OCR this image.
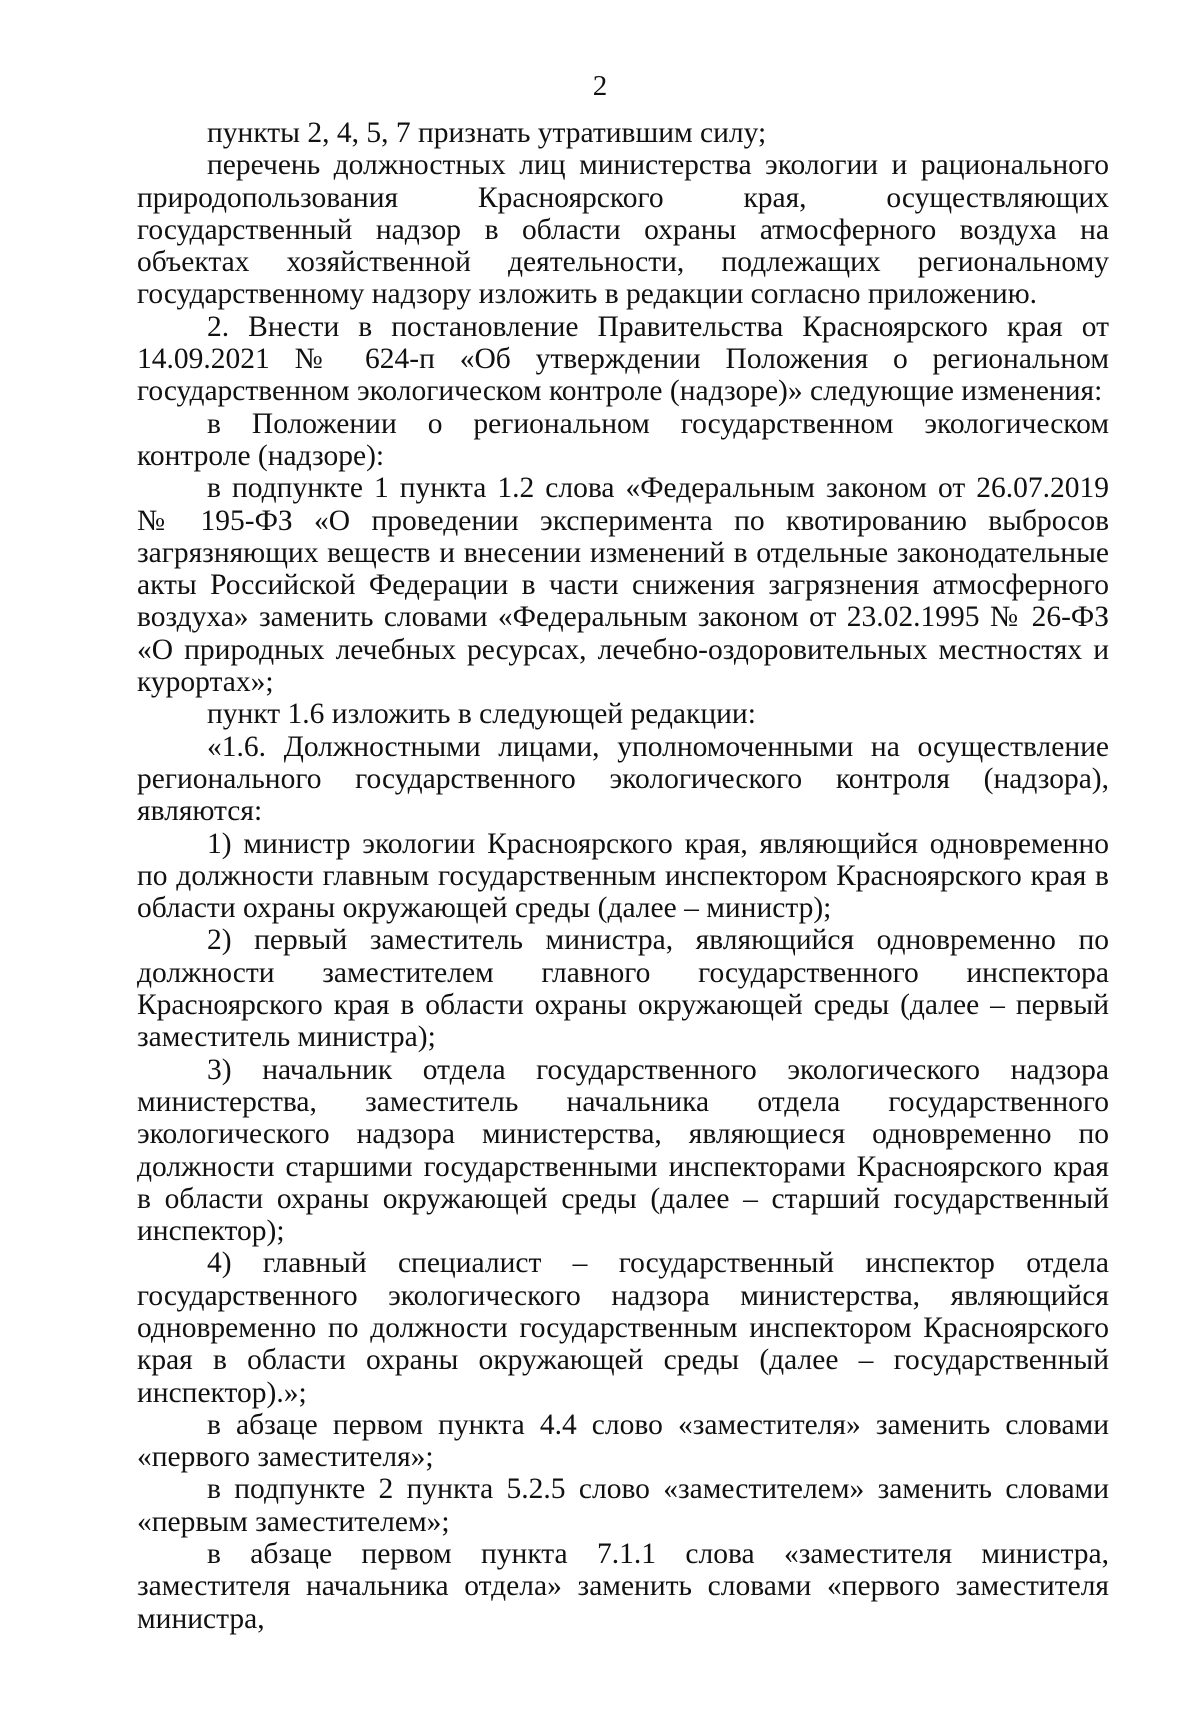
2

пункты 2, 4, 5, 7 признать утратившим силу;

перечень должностных лиц министерства экологии и рационального природопользования Красноярского края, осуществляющих государственный надзор в области охраны атмосферного воздуха на объектах хозяйственной деятельности, подлежащих региональному государственному надзору изложить в редакции согласно приложению.

2. Внести в постановление Правительства Красноярского края от 14.09.2021 № 624-п «Об утверждении Положения о региональном государственном экологическом контроле (надзоре)» следующие изменения:

в Положении о региональном государственном экологическом контроле (надзоре):

в подпункте 1 пункта 1.2 слова «Федеральным законом от 26.07.2019 № 195-ФЗ «О проведении эксперимента по квотированию выбросов загрязняющих веществ и внесении изменений в отдельные законодательные акты Российской Федерации в части снижения загрязнения атмосферного воздуха» заменить словами «Федеральным законом от 23.02.1995 № 26-ФЗ «О природных лечебных ресурсах, лечебно-оздоровительных местностях и курортах»;

пункт 1.6 изложить в следующей редакции:

«1.6. Должностными лицами, уполномоченными на осуществление регионального государственного экологического контроля (надзора), являются:

1) министр экологии Красноярского края, являющийся одновременно по должности главным государственным инспектором Красноярского края в области охраны окружающей среды (далее – министр);

2) первый заместитель министра, являющийся одновременно по должности заместителем главного государственного инспектора Красноярского края в области охраны окружающей среды (далее – первый заместитель министра);

3) начальник отдела государственного экологического надзора министерства, заместитель начальника отдела государственного экологического надзора министерства, являющиеся одновременно по должности старшими государственными инспекторами Красноярского края в области охраны окружающей среды (далее – старший государственный инспектор);

4) главный специалист – государственный инспектор отдела государственного экологического надзора министерства, являющийся одновременно по должности государственным инспектором Красноярского края в области охраны окружающей среды (далее – государственный инспектор).»;

в абзаце первом пункта 4.4 слово «заместителя» заменить словами «первого заместителя»;

в подпункте 2 пункта 5.2.5 слово «заместителем» заменить словами «первым заместителем»;

в абзаце первом пункта 7.1.1 слова «заместителя министра, заместителя начальника отдела» заменить словами «первого заместителя министра,
